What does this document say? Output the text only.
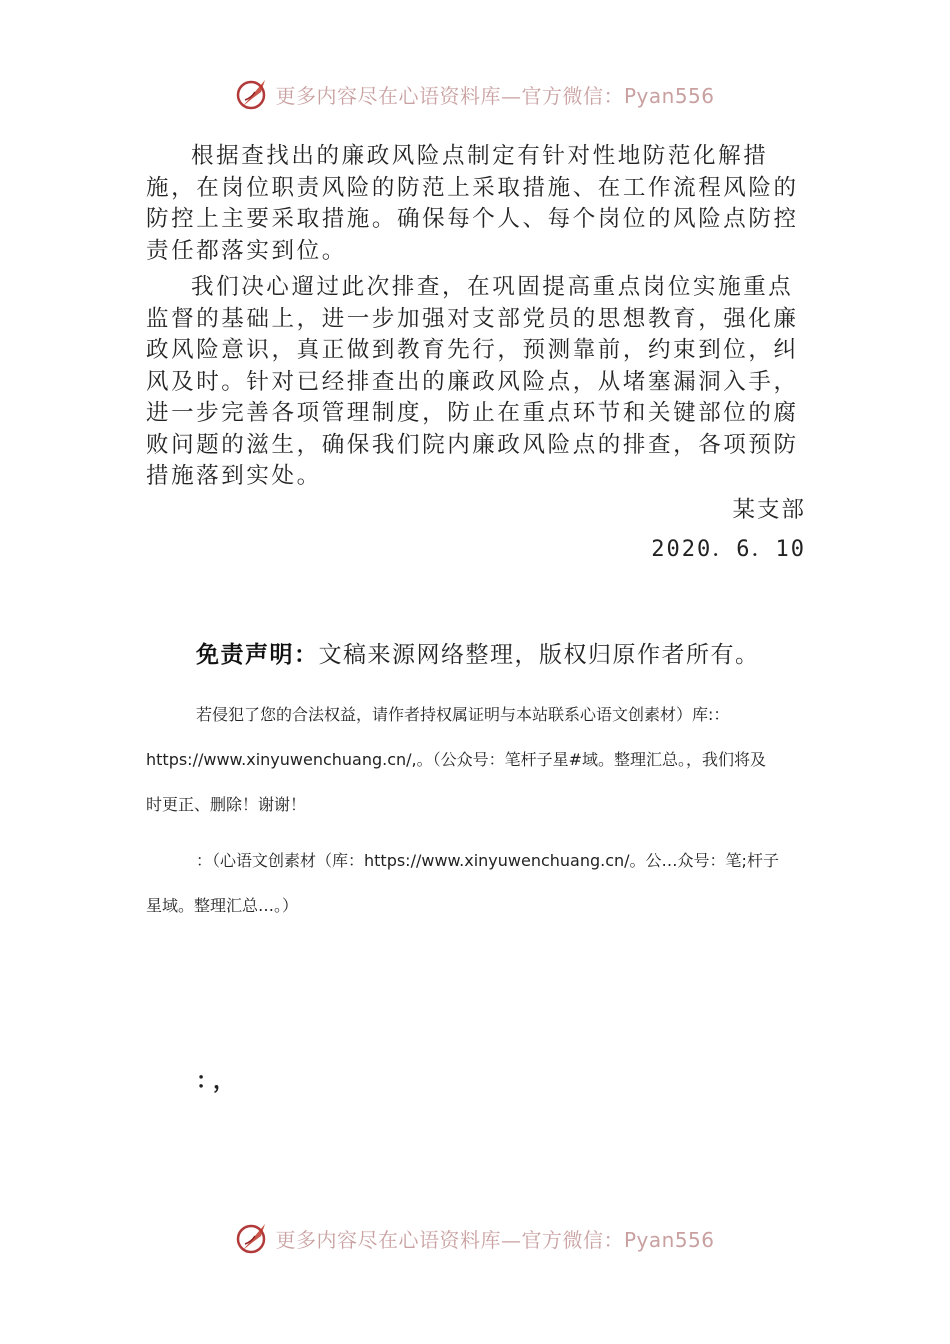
更多内容尽在心语资料库—官方微信：Pyan556
根据查找出的廉政风险点制定有针对性地防范化解措施，在岗位职责风险的防范上采取措施、在工作流程风险的防控上主要采取措施。确保每个人、每个岗位的风险点防控责任都落实到位。
我们决心遛过此次排查，在巩固提高重点岗位实施重点监督的基础上，进一步加强对支部党员的思想教育，强化廉政风险意识，真正做到教育先行，预测靠前，约束到位，纠风及时。针对已经排查出的廉政风险点，从堵塞漏洞入手，进一步完善各项管理制度，防止在重点环节和关键部位的腐败问题的滋生，确保我们院内廉政风险点的排查，各项预防措施落到实处。
某支部
2020．6．10
免责声明：文稿来源网络整理，版权归原作者所有。
若侵犯了您的合法权益，请作者持权属证明与本站联系心语文创素材）库:：
https://www.xinyuwenchuang.cn/,。（公众号：笔杆子星#域。整理汇总。，我们将及
时更正、删除！谢谢！
：（心语文创素材（库：https://www.xinyuwenchuang.cn/。公…众号：笔;杆子
星域。整理汇总…。）
：，
更多内容尽在心语资料库—官方微信：Pyan556
